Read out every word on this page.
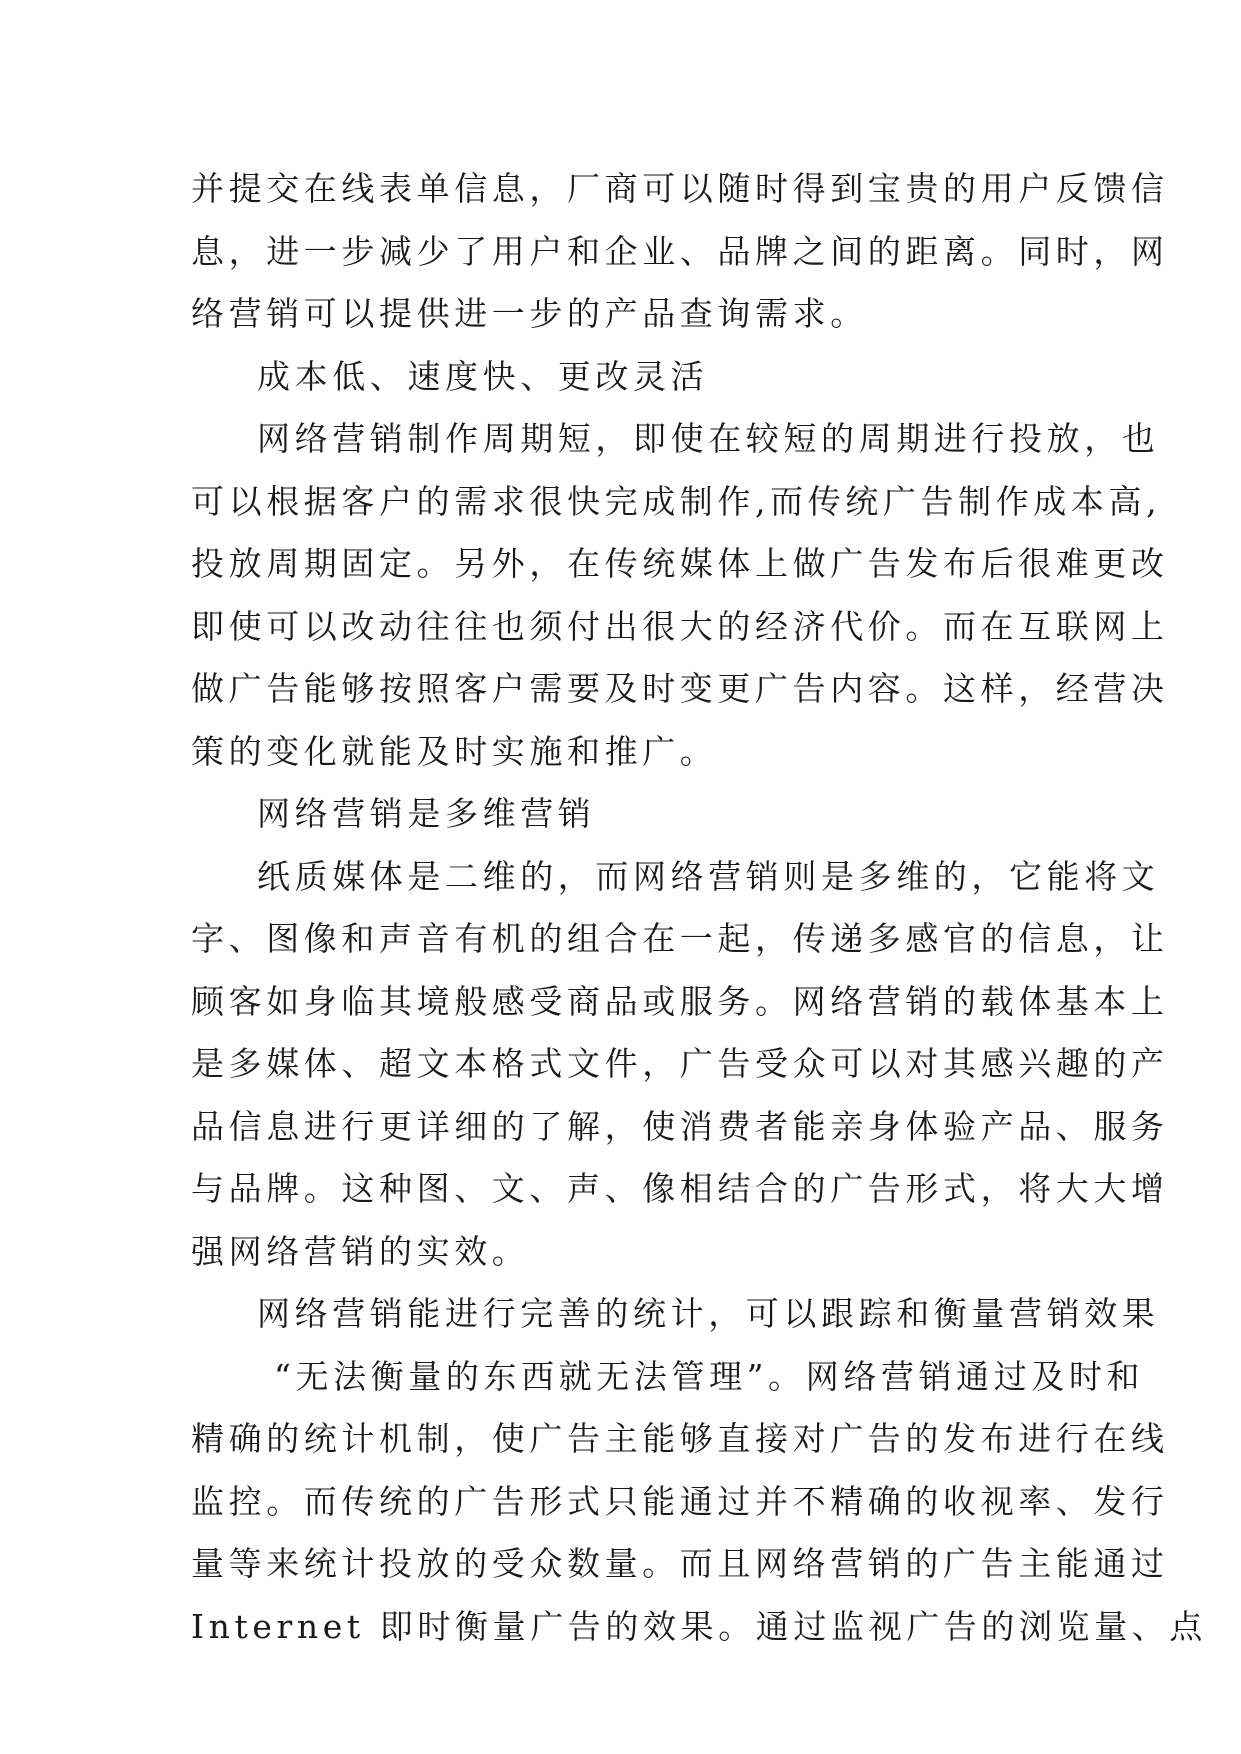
并提交在线表单信息，厂商可以随时得到宝贵的用户反馈信
息，进一步减少了用户和企业、品牌之间的距离。同时，网
络营销可以提供进一步的产品查询需求。
成本低、速度快、更改灵活
网络营销制作周期短，即使在较短的周期进行投放，也
可以根据客户的需求很快完成制作,而传统广告制作成本高,
投放周期固定。另外，在传统媒体上做广告发布后很难更改
即使可以改动往往也须付出很大的经济代价。而在互联网上
做广告能够按照客户需要及时变更广告内容。这样，经营决
策的变化就能及时实施和推广。
网络营销是多维营销
纸质媒体是二维的，而网络营销则是多维的，它能将文
字、图像和声音有机的组合在一起，传递多感官的信息，让
顾客如身临其境般感受商品或服务。网络营销的载体基本上
是多媒体、超文本格式文件，广告受众可以对其感兴趣的产
品信息进行更详细的了解，使消费者能亲身体验产品、服务
与品牌。这种图、文、声、像相结合的广告形式，将大大增
强网络营销的实效。
网络营销能进行完善的统计，可以跟踪和衡量营销效果
“无法衡量的东西就无法管理”。网络营销通过及时和
精确的统计机制，使广告主能够直接对广告的发布进行在线
监控。而传统的广告形式只能通过并不精确的收视率、发行
量等来统计投放的受众数量。而且网络营销的广告主能通过
Internet 即时衡量广告的效果。通过监视广告的浏览量、点
